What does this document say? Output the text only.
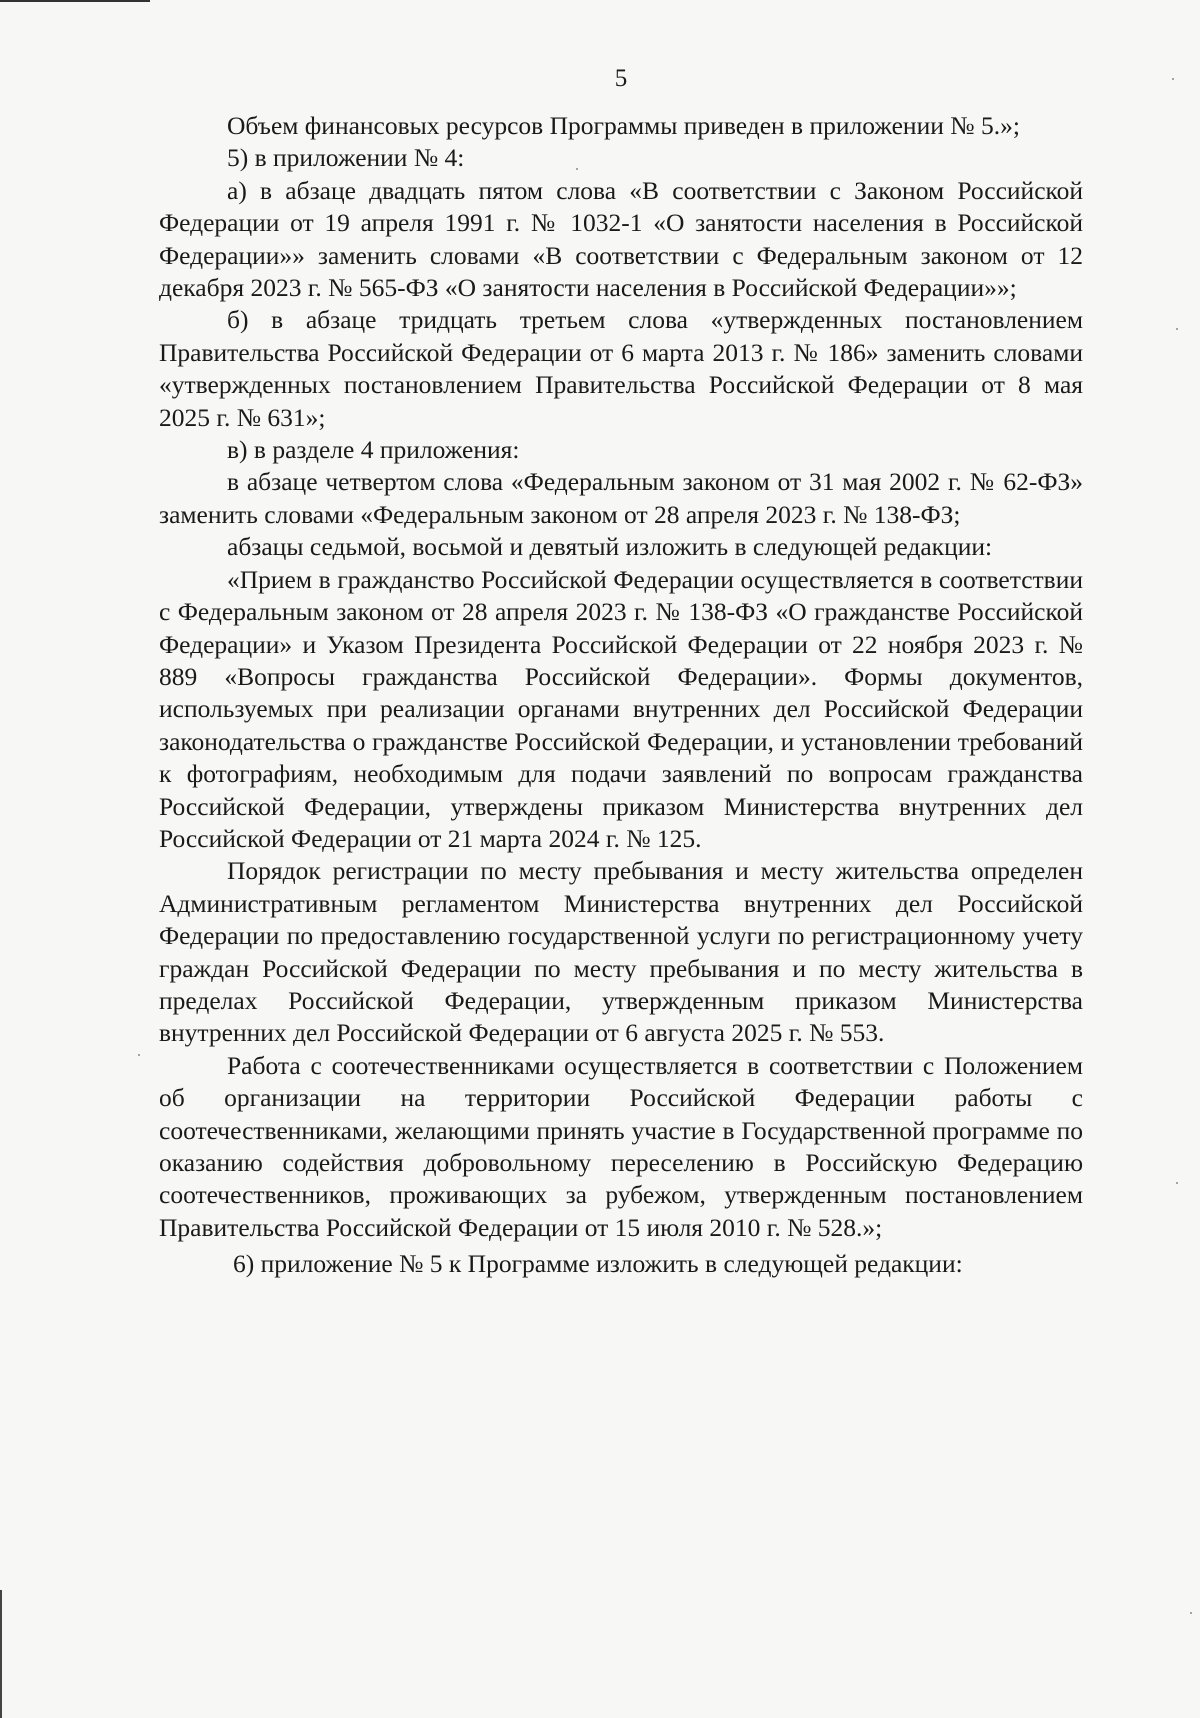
5

Объем финансовых ресурсов Программы приведен в приложении № 5.»;

5) в приложении № 4:

а) в абзаце двадцать пятом слова «В соответствии с Законом Российской Федерации от 19 апреля 1991 г. № 1032-1 «О занятости населения в Российской Федерации»» заменить словами «В соответствии с Федеральным законом от 12 декабря 2023 г. № 565-ФЗ «О занятости населения в Российской Федерации»»;

б) в абзаце тридцать третьем слова «утвержденных постановлением Правительства Российской Федерации от 6 марта 2013 г. № 186» заменить словами «утвержденных постановлением Правительства Российской Федерации от 8 мая 2025 г. № 631»;

в) в разделе 4 приложения:

в абзаце четвертом слова «Федеральным законом от 31 мая 2002 г. № 62-ФЗ» заменить словами «Федеральным законом от 28 апреля 2023 г. № 138-ФЗ;

абзацы седьмой, восьмой и девятый изложить в следующей редакции:

«Прием в гражданство Российской Федерации осуществляется в соответствии с Федеральным законом от 28 апреля 2023 г. № 138-ФЗ «О гражданстве Российской Федерации» и Указом Президента Российской Федерации от 22 ноября 2023 г. № 889 «Вопросы гражданства Российской Федерации». Формы документов, используемых при реализации органами внутренних дел Российской Федерации законодательства о гражданстве Российской Федерации, и установлении требований к фотографиям, необходимым для подачи заявлений по вопросам гражданства Российской Федерации, утверждены приказом Министерства внутренних дел Российской Федерации от 21 марта 2024 г. № 125.

Порядок регистрации по месту пребывания и месту жительства определен Административным регламентом Министерства внутренних дел Российской Федерации по предоставлению государственной услуги по регистрационному учету граждан Российской Федерации по месту пребывания и по месту жительства в пределах Российской Федерации, утвержденным приказом Министерства внутренних дел Российской Федерации от 6 августа 2025 г. № 553.

Работа с соотечественниками осуществляется в соответствии с Положением об организации на территории Российской Федерации работы с соотечественниками, желающими принять участие в Государственной программе по оказанию содействия добровольному переселению в Российскую Федерацию соотечественников, проживающих за рубежом, утвержденным постановлением Правительства Российской Федерации от 15 июля 2010 г. № 528.»;

6) приложение № 5 к Программе изложить в следующей редакции:
